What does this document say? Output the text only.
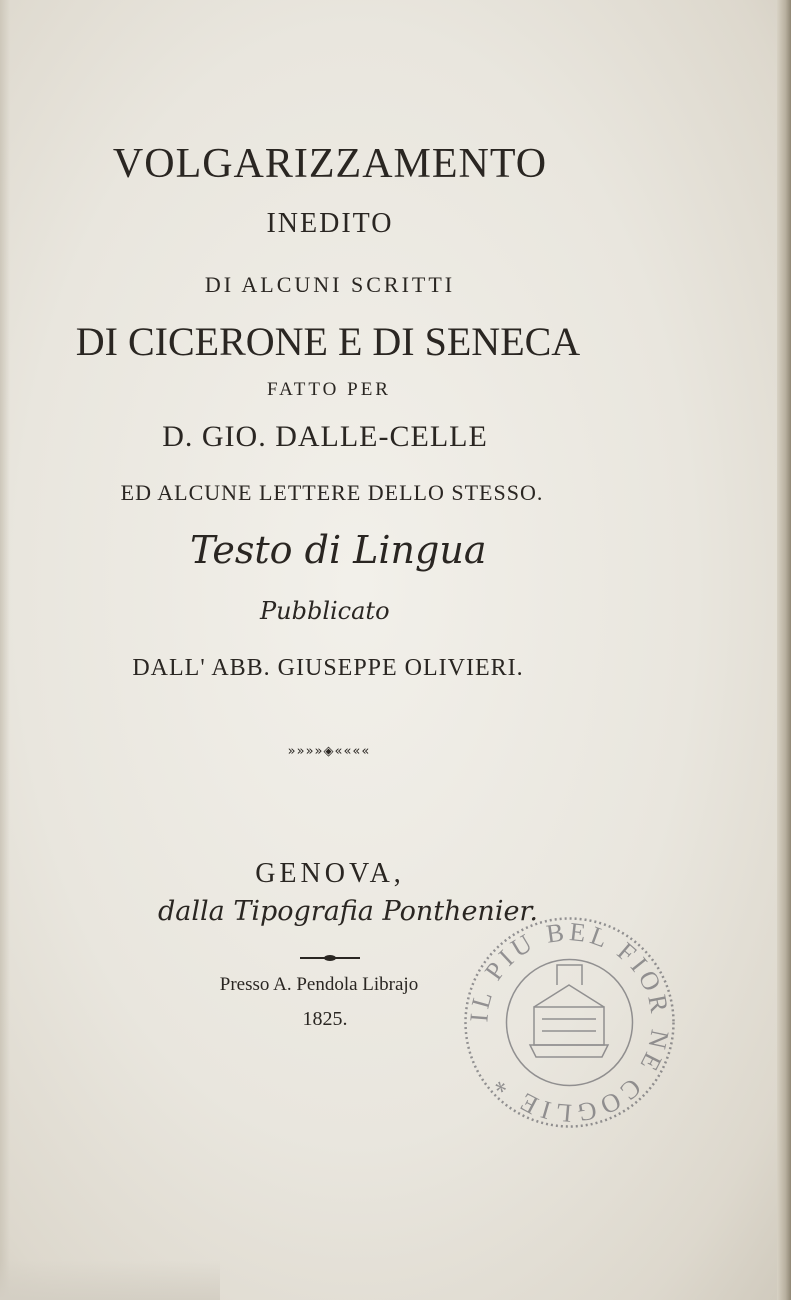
VOLGARIZZAMENTO
INEDITO
DI ALCUNI SCRITTI
DI CICERONE E DI SENECA
FATTO PER
D. GIO. DALLE-CELLE
ED ALCUNE LETTERE DELLO STESSO.
Testo di Lingua
Pubblicato
DALL' ABB. GIUSEPPE OLIVIERI.
»»»»◈««««
GENOVA,
dalla Tipografia Ponthenier.
Presso A. Pendola Librajo
1825.	IL PIU BEL FIOR NE COGLIE *
